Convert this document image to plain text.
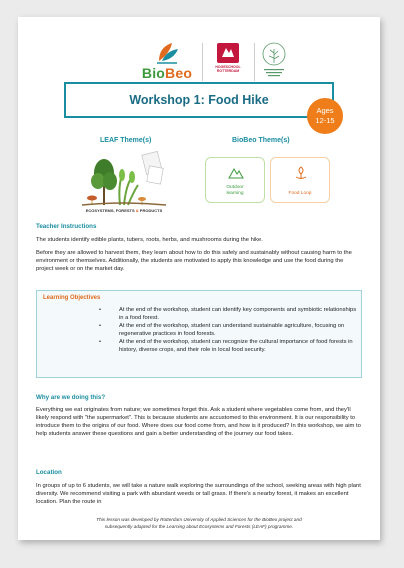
BioBeo	HOGESCHOOL
ROTTERDAM
Workshop 1: Food Hike
Ages
12-15
LEAF Theme(s)	BioBeo Theme(s)
ECOSYSTEMS, FORESTS & PRODUCTS
Outdoor
learning	Food Loop
Teacher Instructions

The students identify edible plants, tubers, roots, herbs, and mushrooms during the hike.

Before they are allowed to harvest them, they learn about how to do this safely and sustainably without causing harm to the environment or themselves. Additionally, the students are motivated to apply this knowledge and use the food during the project week or on the market day.

Learning Objectives
•	At the end of the workshop, student can identify key components and symbiotic relationships in a food forest.
•	At the end of the workshop, student can understand sustainable agriculture, focusing on regenerative practices in food forests.
•	At the end of the workshop, student can recognize the cultural importance of food forests in history, diverse crops, and their role in local food security.
Why are we doing this?

Everything we eat originates from nature; we sometimes forget this. Ask a student where vegetables come from, and they'll likely respond with "the supermarket". This is because students are accustomed to this environment. It is our responsibility to introduce them to the origins of our food. Where does our food come from, and how is it produced? In this workshop, we aim to help students answer these questions and gain a better understanding of the journey our food takes.

Location

In groups of up to 6 students, we will take a nature walk exploring the surroundings of the school, seeking areas with high plant diversity. We recommend visiting a park with abundant weeds or tall grass. If there's a nearby forest, it makes an excellent location. Plan the route in

This lesson was developed by Rotterdam University of Applied Sciences for the BioBeo project and
subsequently adapted for the Learning about Ecosystems and Forests (LEAF) programme.
